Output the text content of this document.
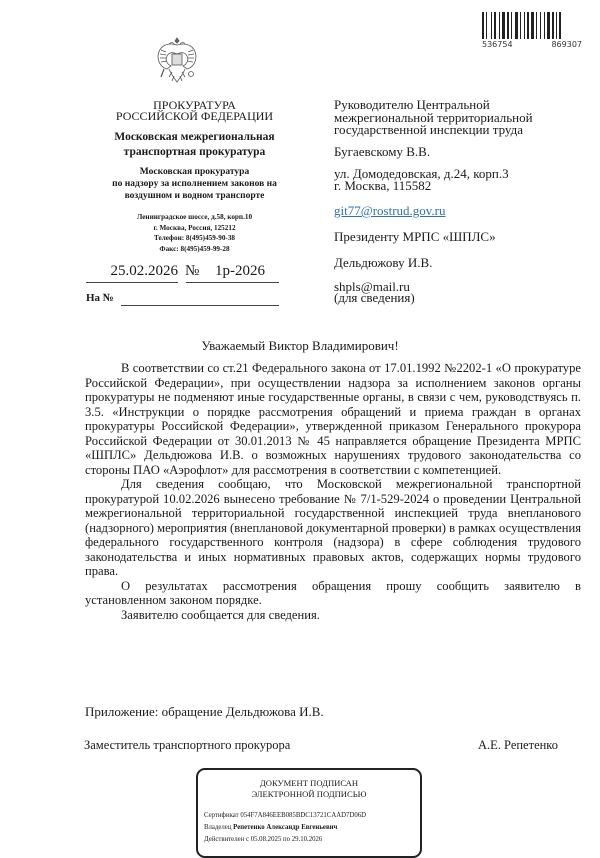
536754	869307
ПРОКУРАТУРА
РОССИЙСКОЙ ФЕДЕРАЦИИ
Московская межрегиональная
транспортная прокуратура
Московская прокуратура
по надзору за исполнением законов на
воздушном и водном транспорте
Ленинградское шоссе, д.58, корп.10
г. Москва, Россия, 125212
Телефон: 8(495)459-90-38
Факс: 8(495)459-99-28
25.02.2026 № 1р-2026
На №
Руководителю Центральной
межрегиональной территориальной
государственной инспекции труда
Бугаевскому В.В.
ул. Домодедовская, д.24, корп.3
г. Москва, 115582
git77@rostrud.gov.ru
Президенту МРПС «ШПЛС»
Дельдюжову И.В.
shpls@mail.ru
(для сведения)
Уважаемый Виктор Владимирович!

В соответствии со ст.21 Федерального закона от 17.01.1992 №2202-1 «О прокуратуре Российской Федерации», при осуществлении надзора за исполнением законов органы прокуратуры не подменяют иные государственные органы, в связи с чем, руководствуясь п. 3.5. «Инструкции о порядке рассмотрения обращений и приема граждан в органах прокуратуры Российской Федерации», утвержденной приказом Генерального прокурора Российской Федерации от 30.01.2013 № 45 направляется обращение Президента МРПС «ШПЛС» Дельдюжова И.В. о возможных нарушениях трудового законодательства со стороны ПАО «Аэрофлот» для рассмотрения в соответствии с компетенцией.

Для сведения сообщаю, что Московской межрегиональной транспортной прокуратурой 10.02.2026 вынесено требование № 7/1-529-2024 о проведении Центральной межрегиональной территориальной государственной инспекцией труда внепланового (надзорного) мероприятия (внеплановой документарной проверки) в рамках осуществления федерального государственного контроля (надзора) в сфере соблюдения трудового законодательства и иных нормативных правовых актов, содержащих нормы трудового права.

О результатах рассмотрения обращения прошу сообщить заявителю в установленном законом порядке.

Заявителю сообщается для сведения.

Приложение: обращение Дельдюжова И.В.
Заместитель транспортного прокурора	А.Е. Репетенко
ДОКУМЕНТ ПОДПИСАН
ЭЛЕКТРОННОЙ ПОДПИСЬЮ
Сертификат 054F7A846EEB085BDC13721CAAD7D06D
Владелец Репетенко Александр Евгеньевич
Действителен с 05.08.2025 по 29.10.2026
